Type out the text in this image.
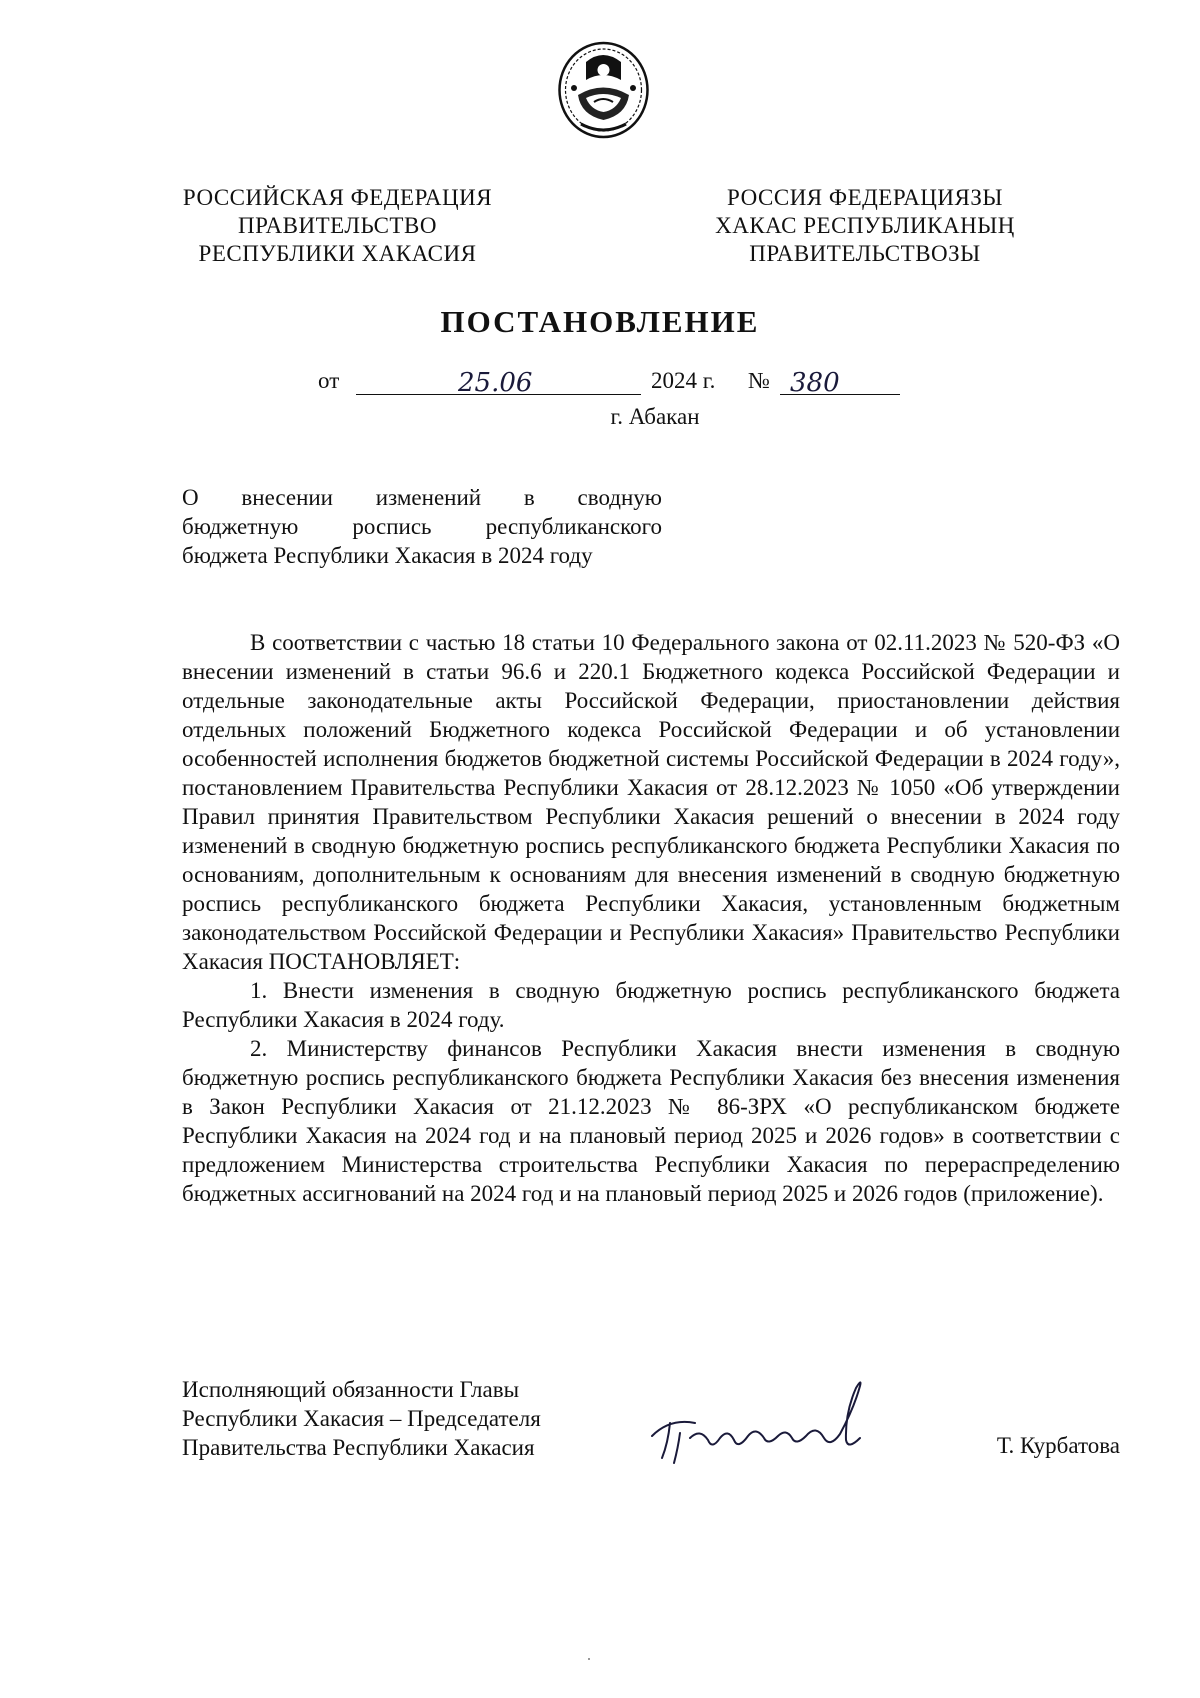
РОССИЙСКАЯ ФЕДЕРАЦИЯ
ПРАВИТЕЛЬСТВО
РЕСПУБЛИКИ ХАКАСИЯ
РОССИЯ ФЕДЕРАЦИЯЗЫ
ХАКАС РЕСПУБЛИКАНЫҢ
ПРАВИТЕЛЬСТВОЗЫ
ПОСТАНОВЛЕНИЕ
от	25.06	2024 г. № 380
г. Абакан
О внесении изменений в сводную
бюджетную роспись республиканского
бюджета Республики Хакасия в 2024 году

В соответствии с частью 18 статьи 10 Федерального закона от 02.11.2023 № 520-ФЗ «О внесении изменений в статьи 96.6 и 220.1 Бюджетного кодекса Российской Федерации и отдельные законодательные акты Российской Федерации, приостановлении действия отдельных положений Бюджетного кодекса Российской Федерации и об установлении особенностей исполнения бюджетов бюджетной системы Российской Федерации в 2024 году», постановлением Правительства Республики Хакасия от 28.12.2023 № 1050 «Об утверждении Правил принятия Правительством Республики Хакасия решений о внесении в 2024 году изменений в сводную бюджетную роспись республиканского бюджета Республики Хакасия по основаниям, дополнительным к основаниям для внесения изменений в сводную бюджетную роспись республиканского бюджета Республики Хакасия, установленным бюджетным законодательством Российской Федерации и Республики Хакасия» Правительство Республики Хакасия ПОСТАНОВЛЯЕТ:

1. Внести изменения в сводную бюджетную роспись республиканского бюджета Республики Хакасия в 2024 году.

2. Министерству финансов Республики Хакасия внести изменения в сводную бюджетную роспись республиканского бюджета Республики Хакасия без внесения изменения в Закон Республики Хакасия от 21.12.2023 № 86-ЗРХ «О республиканском бюджете Республики Хакасия на 2024 год и на плановый период 2025 и 2026 годов» в соответствии с предложением Министерства строительства Республики Хакасия по перераспределению бюджетных ассигнований на 2024 год и на плановый период 2025 и 2026 годов (приложение).

Исполняющий обязанности Главы
Республики Хакасия – Председателя
Правительства Республики Хакасия	Т. Курбатова
